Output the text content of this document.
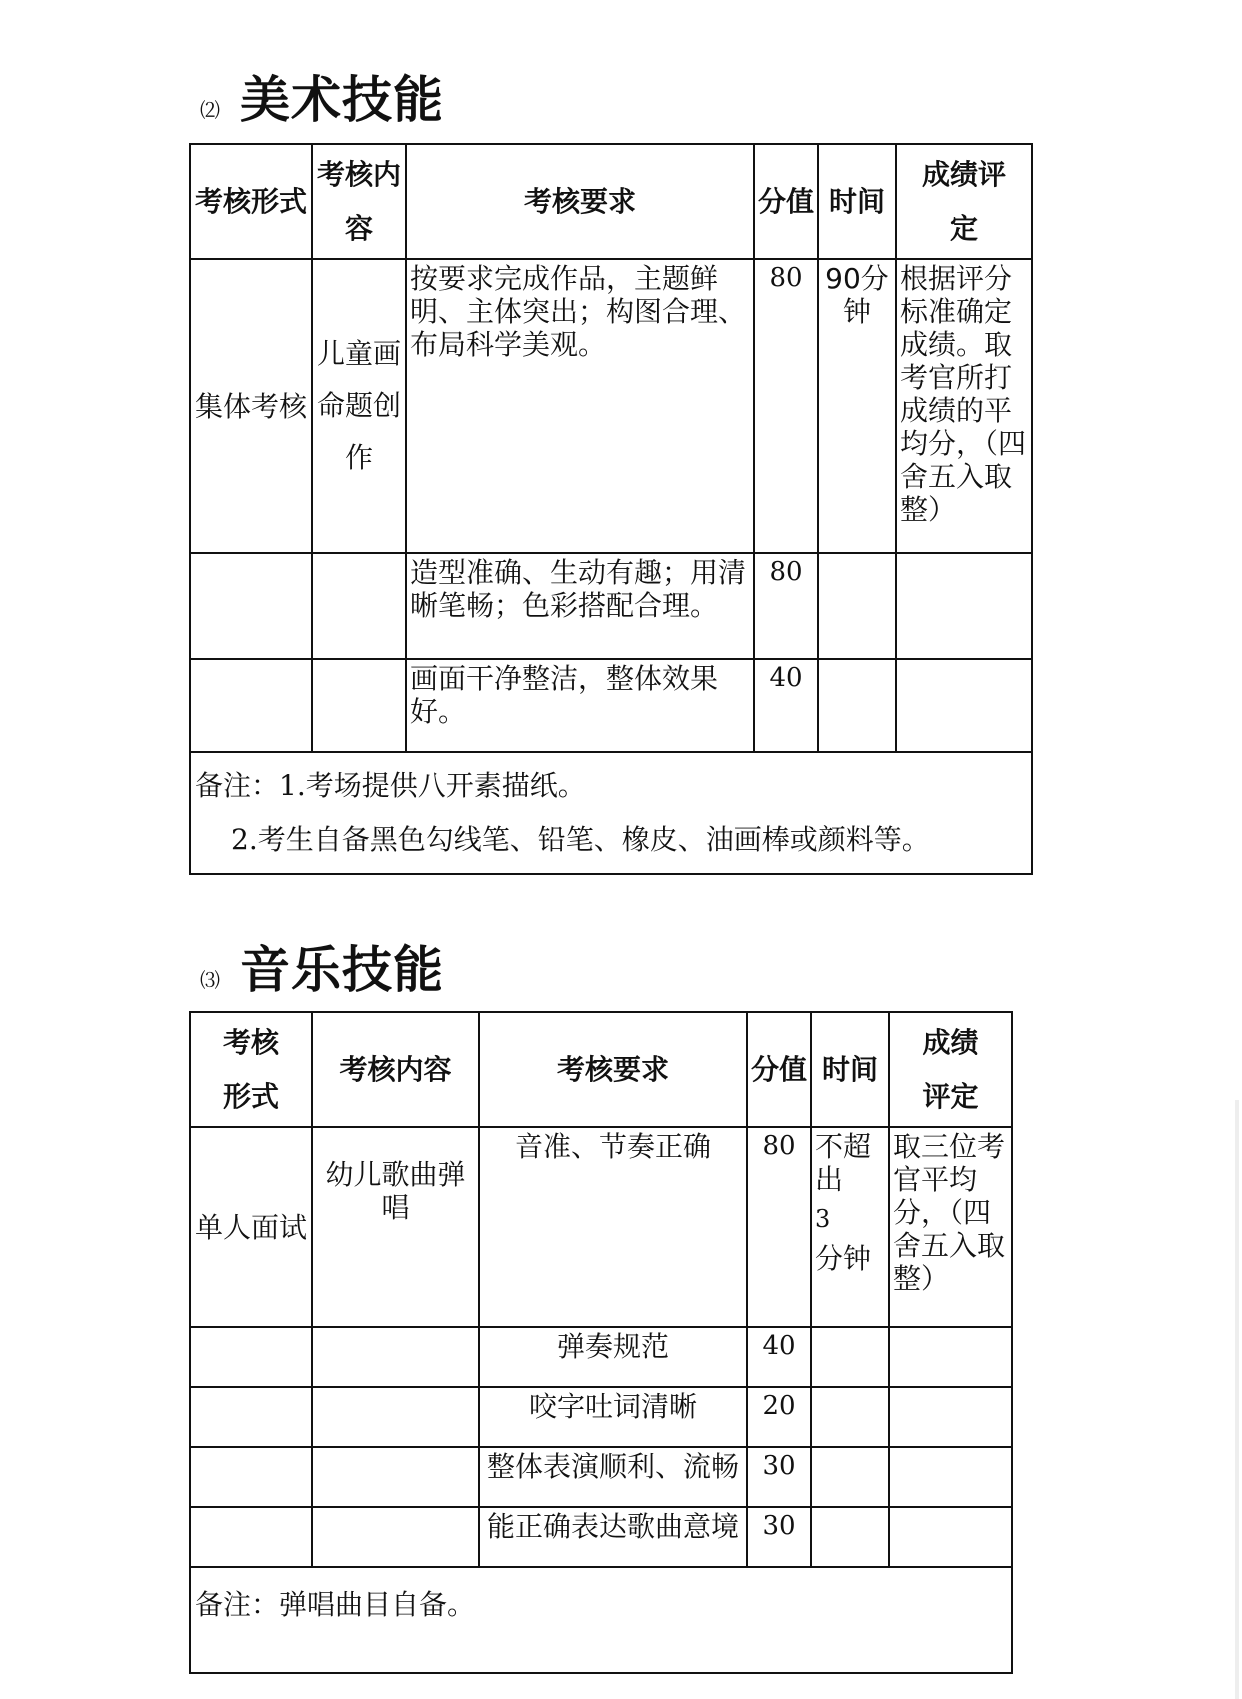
⑵ 美术技能
考核形式	考核内容	考核要求	分值	时间	成绩评定
集体考核	儿童画命题创作	按要求完成作品，主题鲜明、主体突出；构图合理、
布局科学美观。	80	90分钟	根据评分标准确定成绩。取考官所打成绩的平均分，（四舍五入取整）
		造型准确、生动有趣；用清晰笔畅；色彩搭配合理。	80		
		画面干净整洁，整体效果好。	40		

备注：1.考场提供八开素描纸。
2.考生自备黑色勾线笔、铅笔、橡皮、油画棒或颜料等。					
⑶ 音乐技能
考核形式	考核内容	考核要求	分值	时间	成绩评定
单人面试	幼儿歌曲弹唱	音准、节奏正确	80	不超出
3
分钟	取三位考官平均分，（四舍五入取整）
		弹奏规范	40		
		咬字吐词清晰	20		
		整体表演顺利、流畅	30		
		能正确表达歌曲意境	30		
备注：弹唱曲目自备。					
